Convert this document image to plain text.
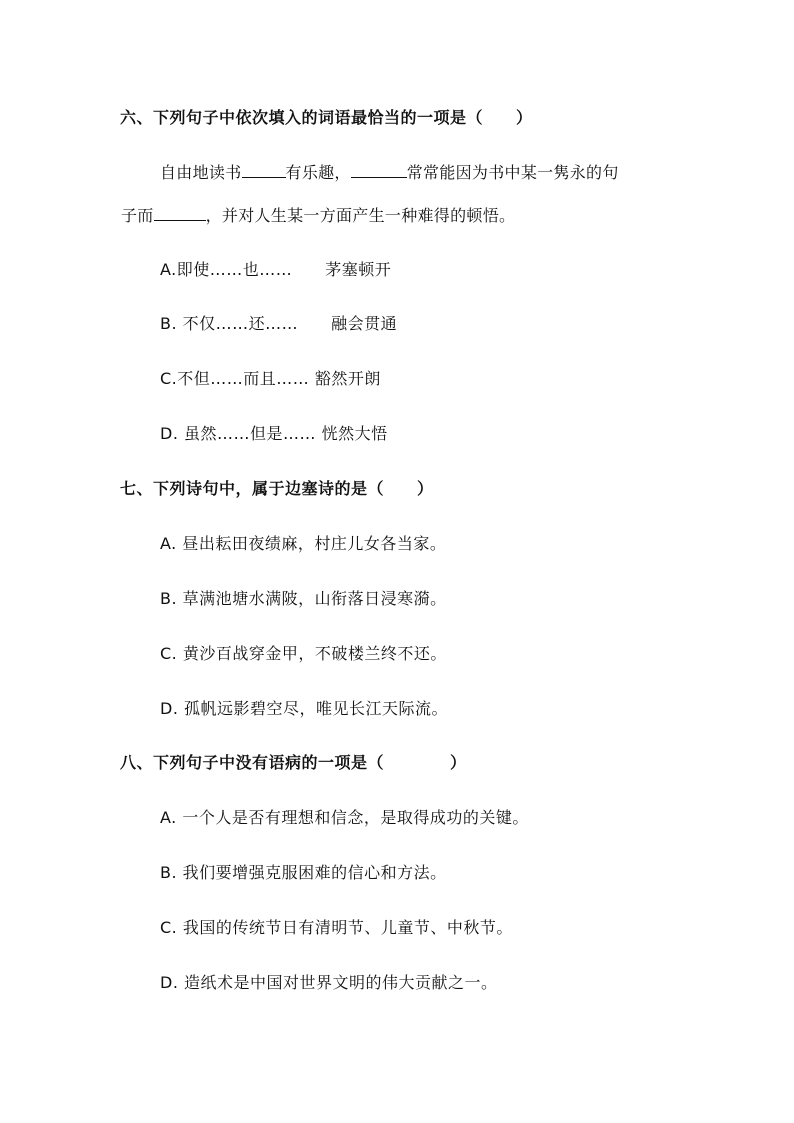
六、下列句子中依次填入的词语最恰当的一项是（　　）
自由地读书	有乐趣，	常常能因为书中某一隽永的句
子而	，并对人生某一方面产生一种难得的顿悟。
A.即使……也……　　茅塞顿开
B. 不仅……还……　　融会贯通
C.不但……而且…… 豁然开朗
D. 虽然……但是…… 恍然大悟
七、下列诗句中，属于边塞诗的是（　　）
A. 昼出耘田夜绩麻，村庄儿女各当家。
B. 草满池塘水满陂，山衔落日浸寒漪。
C. 黄沙百战穿金甲，不破楼兰终不还。
D. 孤帆远影碧空尽，唯见长江天际流。
八、下列句子中没有语病的一项是（　　　　）
A. 一个人是否有理想和信念，是取得成功的关键。
B. 我们要增强克服困难的信心和方法。
C. 我国的传统节日有清明节、儿童节、中秋节。
D. 造纸术是中国对世界文明的伟大贡献之一。
